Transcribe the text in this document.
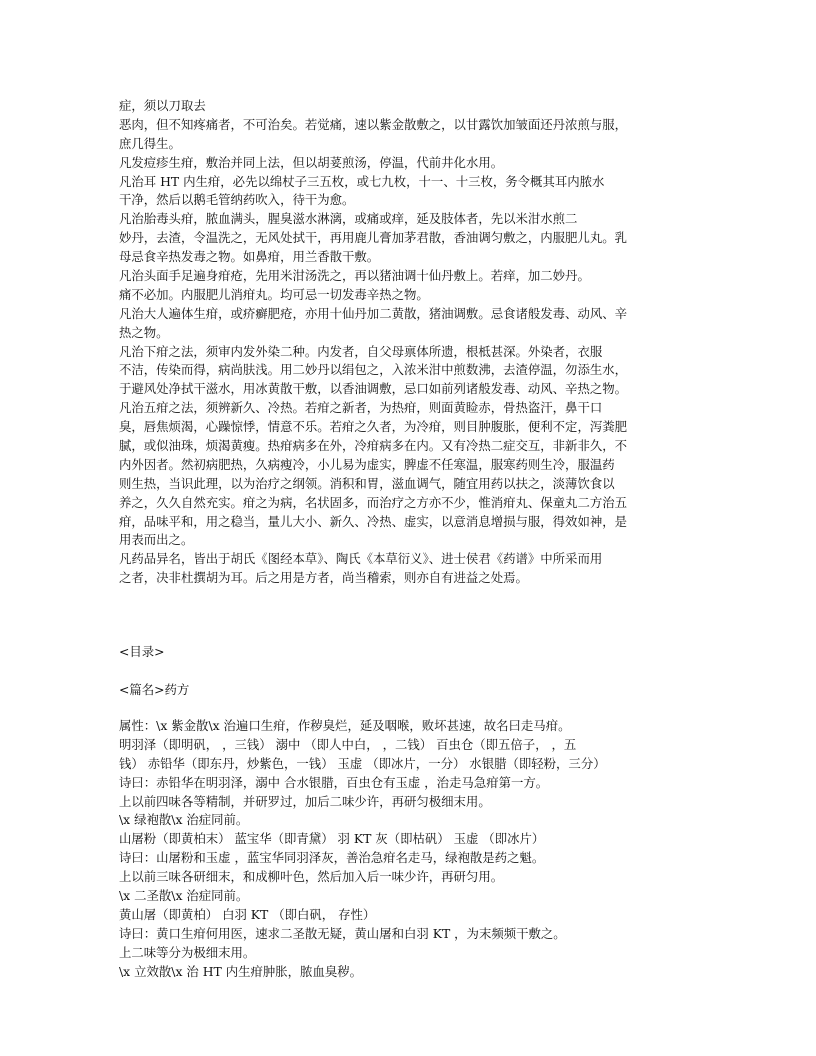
症，须以刀取去
恶肉，但不知疼痛者，不可治矣。若觉痛，速以紫金散敷之，以甘露饮加皱面还丹浓煎与服，
庶几得生。
凡发痘疹生疳，敷治并同上法，但以胡荽煎汤，停温，代前井化水用。
凡治耳 HT 内生疳，必先以绵杖子三五枚，或七九枚，十一、十三枚，务令概其耳内脓水
干净，然后以鹅毛管纳药吹入，待干为愈。
凡治胎毒头疳，脓血满头，腥臭滋水淋漓，或痛或痒，延及肢体者，先以米泔水煎二
妙丹，去渣，令温洗之，无风处拭干，再用鹿儿膏加茅君散，香油调匀敷之，内服肥儿丸。乳
母忌食辛热发毒之物。如鼻疳，用兰香散干敷。
凡治头面手足遍身疳疮，先用米泔汤洗之，再以猪油调十仙丹敷上。若痒，加二妙丹。
痛不必加。内服肥儿消疳丸。均可忌一切发毒辛热之物。
凡治大人遍体生疳，或疥癣肥疮，亦用十仙丹加二黄散，猪油调敷。忌食诸般发毒、动风、辛
热之物。
凡治下疳之法，须审内发外染二种。内发者，自父母禀体所遗，根柢甚深。外染者，衣服
不洁，传染而得，病尚肤浅。用二妙丹以绢包之，入浓米泔中煎数沸，去渣停温，勿添生水，
于避风处净拭干滋水，用冰黄散干敷，以香油调敷，忌口如前列诸般发毒、动风、辛热之物。
凡治五疳之法，须辨新久、冷热。若疳之新者，为热疳，则面黄睑赤，骨热盗汗，鼻干口
臭，唇焦烦渴，心躁惊悸，情意不乐。若疳之久者，为冷疳，则目肿腹胀，便利不定，泻粪肥
腻，或似油珠，烦渴黄瘦。热疳病多在外，冷疳病多在内。又有冷热二症交互，非新非久，不
内外因者。然初病肥热，久病瘦冷，小儿易为虚实，脾虚不任寒温，服寒药则生冷，服温药
则生热，当识此理，以为治疗之纲领。消积和胃，滋血调气，随宜用药以扶之，淡薄饮食以
养之，久久自然充实。疳之为病，名状固多，而治疗之方亦不少，惟消疳丸、保童丸二方治五
疳，品味平和，用之稳当，量儿大小、新久、冷热、虚实，以意消息增损与服，得效如神，是
用表而出之。
凡药品异名，皆出于胡氏《图经本草》、陶氏《本草衍义》、进士侯君《药谱》中所采而用
之者，决非杜撰胡为耳。后之用是方者，尚当稽索，则亦自有进益之处焉。
<目录>
<篇名>药方
属性：\x 紫金散\x 治遍口生疳，作秽臭烂，延及咽喉，败坏甚速，故名曰走马疳。
明羽泽（即明矾， ，三钱） 溺中 （即人中白， ，二钱） 百虫仓（即五倍子， ，五
钱） 赤铅华（即东丹，炒紫色，一钱） 玉虚 （即冰片，一分） 水银腊（即轻粉，三分）
诗曰：赤铅华在明羽泽，溺中 合水银腊，百虫仓有玉虚 ，治走马急疳第一方。
上以前四味各等精制，并研罗过，加后二味少许，再研匀极细末用。
\x 绿袍散\x 治症同前。
山屠粉（即黄柏末） 蓝宝华（即青黛） 羽 KT 灰（即枯矾） 玉虚 （即冰片）
诗曰：山屠粉和玉虚 ，蓝宝华同羽泽灰，善治急疳名走马，绿袍散是药之魁。
上以前三味各研细末，和成柳叶色，然后加入后一味少许，再研匀用。
\x 二圣散\x 治症同前。
黄山屠（即黄柏） 白羽 KT （即白矾， 存性）
诗曰：黄口生疳何用医，速求二圣散无疑，黄山屠和白羽 KT ，为末频频干敷之。
上二味等分为极细末用。
\x 立效散\x 治 HT 内生疳肿胀，脓血臭秽。
